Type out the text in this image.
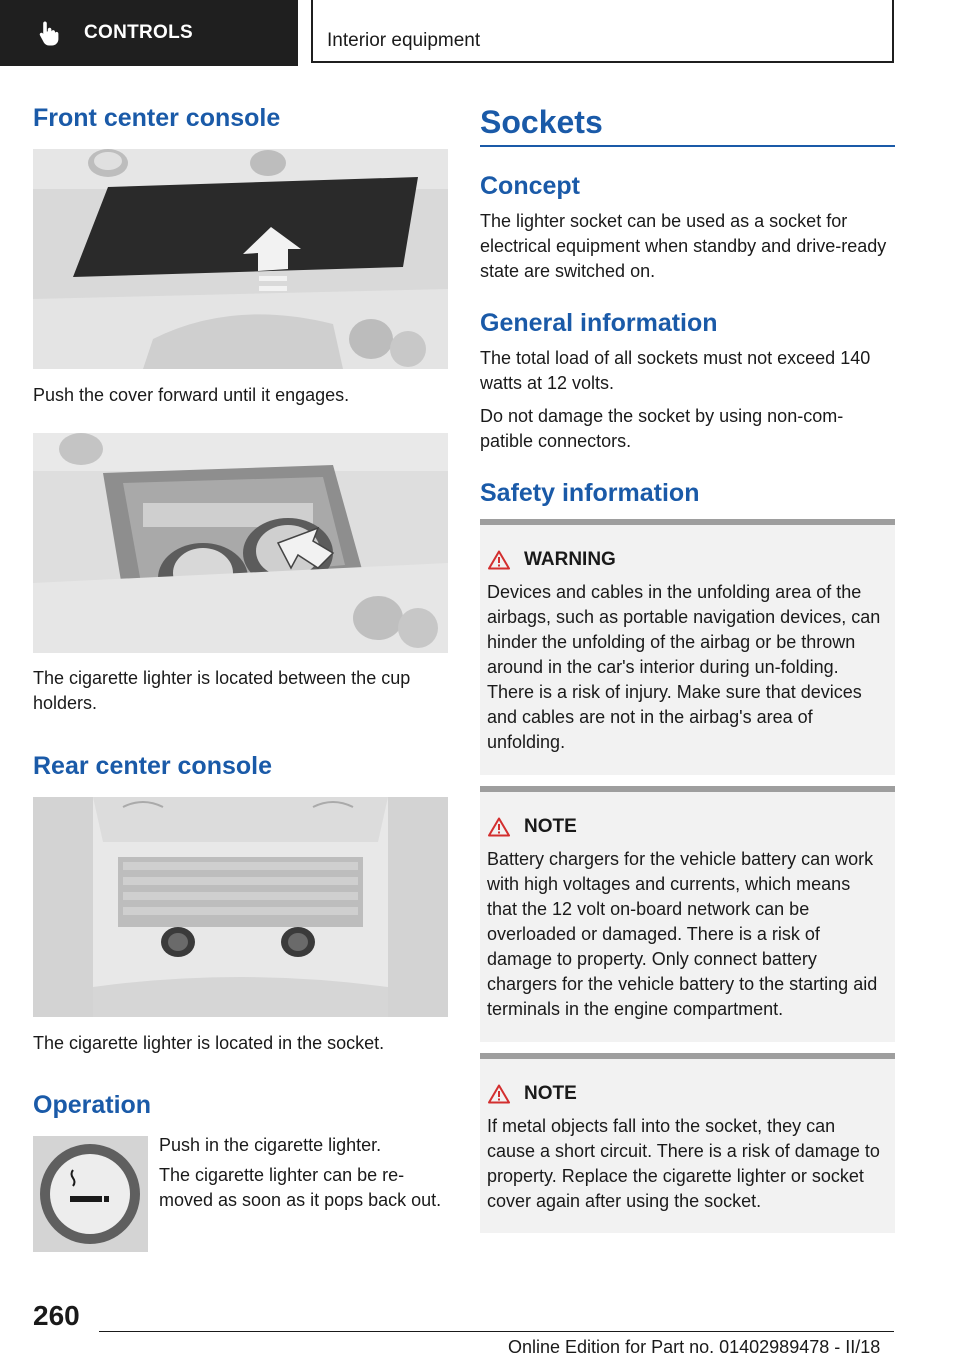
CONTROLS	Interior equipment
Front center console

Push the cover forward until it engages.

The cigarette lighter is located between the cup holders.

Rear center console

The cigarette lighter is located in the socket.

Operation

Push in the cigarette lighter.

The cigarette lighter can be re-moved as soon as it pops back out.

Sockets
Concept

The lighter socket can be used as a socket for electrical equipment when standby and drive-ready state are switched on.

General information

The total load of all sockets must not exceed 140 watts at 12 volts.

Do not damage the socket by using non-com-patible connectors.

Safety information
WARNING

Devices and cables in the unfolding area of the airbags, such as portable navigation devices, can hinder the unfolding of the airbag or be thrown around in the car's interior during un-folding. There is a risk of injury. Make sure that devices and cables are not in the airbag's area of unfolding.

NOTE

Battery chargers for the vehicle battery can work with high voltages and currents, which means that the 12 volt on-board network can be overloaded or damaged. There is a risk of damage to property. Only connect battery chargers for the vehicle battery to the starting aid terminals in the engine compartment.

NOTE

If metal objects fall into the socket, they can cause a short circuit. There is a risk of damage to property. Replace the cigarette lighter or socket cover again after using the socket.

260
Online Edition for Part no. 01402989478 - II/18
